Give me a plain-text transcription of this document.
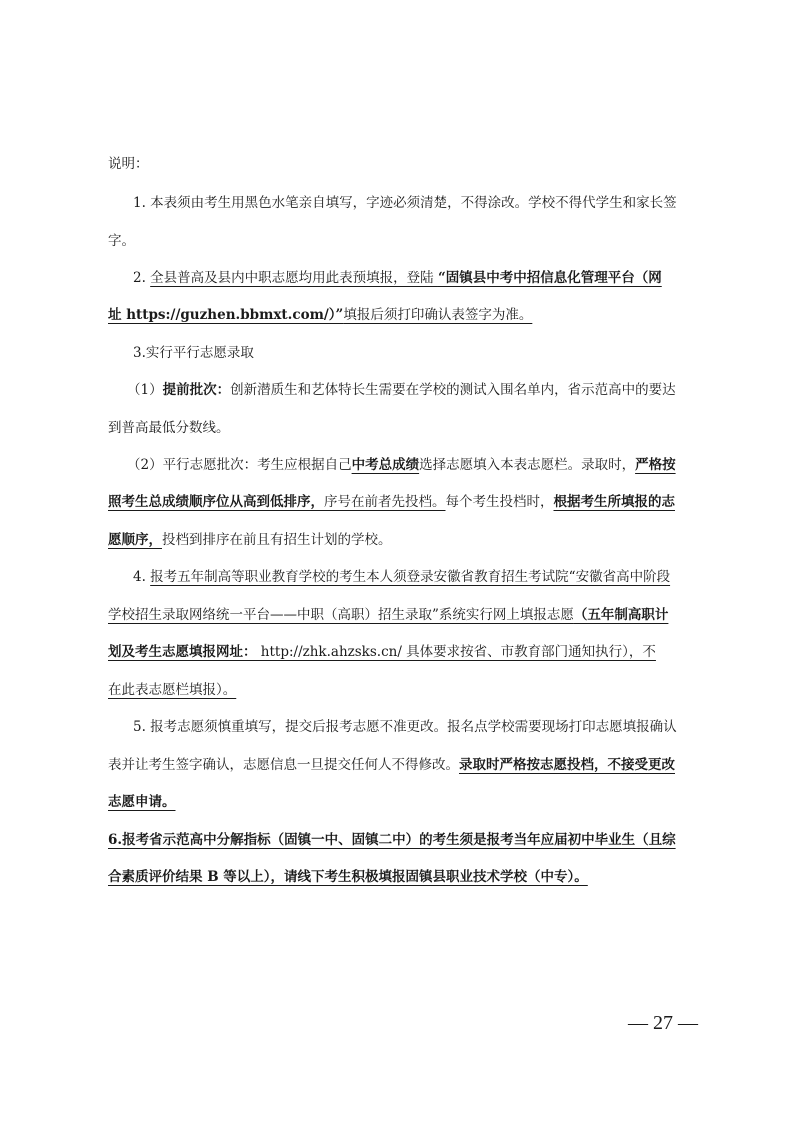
说明：
1. 本表须由考生用黑色水笔亲自填写，字迹必须清楚，不得涂改。学校不得代学生和家长签
字。
2. 全县普高及县内中职志愿均用此表预填报，登陆 “固镇县中考中招信息化管理平台（网
址 https://guzhen.bbmxt.com/）”填报后须打印确认表签字为准。
3.实行平行志愿录取
（1）提前批次：创新潜质生和艺体特长生需要在学校的测试入围名单内，省示范高中的要达
到普高最低分数线。
（2）平行志愿批次：考生应根据自己中考总成绩选择志愿填入本表志愿栏。录取时，严格按
照考生总成绩顺序位从高到低排序，序号在前者先投档。每个考生投档时，根据考生所填报的志
愿顺序，投档到排序在前且有招生计划的学校。
4. 报考五年制高等职业教育学校的考生本人须登录安徽省教育招生考试院“安徽省高中阶段
学校招生录取网络统一平台——中职（高职）招生录取”系统实行网上填报志愿（五年制高职计
划及考生志愿填报网址： http://zhk.ahzsks.cn/ 具体要求按省、市教育部门通知执行），不
在此表志愿栏填报）。
5. 报考志愿须慎重填写，提交后报考志愿不准更改。报名点学校需要现场打印志愿填报确认
表并让考生签字确认，志愿信息一旦提交任何人不得修改。录取时严格按志愿投档，不接受更改
志愿申请。
6.报考省示范高中分解指标（固镇一中、固镇二中）的考生须是报考当年应届初中毕业生（且综
合素质评价结果 B 等以上），请线下考生积极填报固镇县职业技术学校（中专）。
— 27 —
